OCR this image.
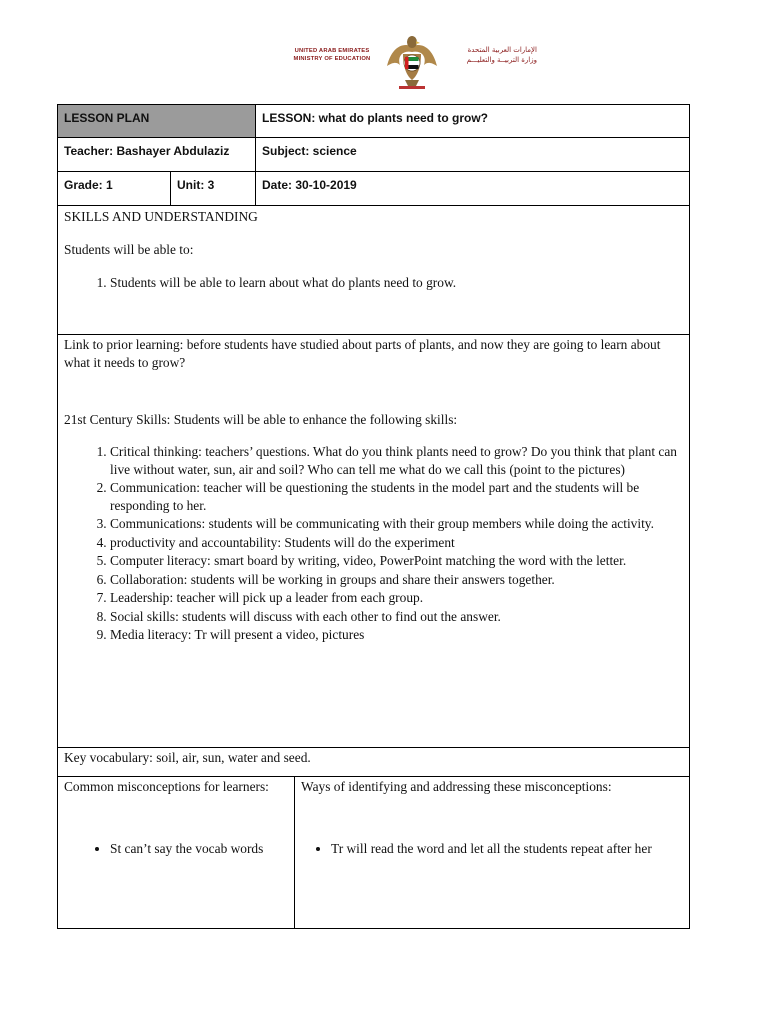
UNITED ARAB EMIRATES
MINISTRY OF EDUCATION
الإمارات العربية المتحدة
وزارة التربيــة والتعليـــم
LESSON PLAN	LESSON: what do plants need to grow?
Teacher: Bashayer Abdulaziz	Subject: science
Grade: 1	Unit: 3	Date: 30-10-2019

SKILLS AND UNDERSTANDING

Students will be able to:

1. Students will be able to learn about what do plants need to grow.

Link to prior learning: before students have studied about parts of plants, and now they are going to learn about what it needs to grow?

21st Century Skills: Students will be able to enhance the following skills:

1. Critical thinking: teachers’ questions. What do you think plants need to grow? Do you think that plant can live without water, sun, air and soil? Who can tell me what do we call this (point to the pictures)
2. Communication: teacher will be questioning the students in the model part and the students will be responding to her.
3. Communications: students will be communicating with their group members while doing the activity.
4. productivity and accountability: Students will do the experiment
5. Computer literacy: smart board by writing, video, PowerPoint matching the word with the letter.
6. Collaboration: students will be working in groups and share their answers together.
7. Leadership: teacher will pick up a leader from each group.
8. Social skills: students will discuss with each other to find out the answer.
9. Media literacy: Tr will present a video, pictures

Key vocabulary: soil, air, sun, water and seed.

Common misconceptions for learners:

• St can’t say the vocab words

Ways of identifying and addressing these misconceptions:

• Tr will read the word and let all the students repeat after her
